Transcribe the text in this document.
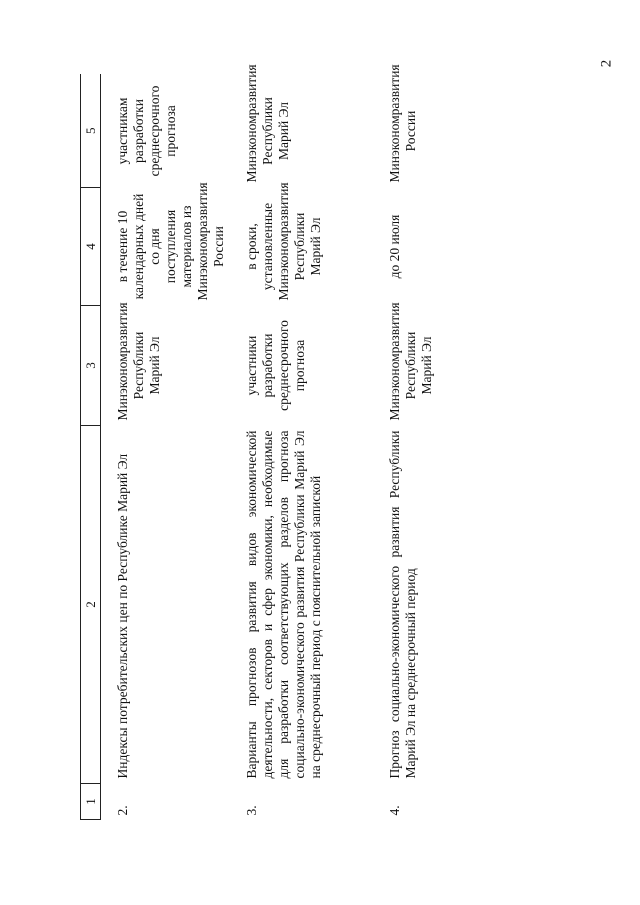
2
1	2	3	4	5
2.	Индексы потребительских цен по Республике Марий Эл	Минэкономразвития Республики Марий Эл	в течение 10 календарных дней со дня поступления материалов из Минэкономразвития России	участникам разработки среднесрочного прогноза
3.	Варианты прогнозов развития видов экономической деятельности, секторов и сфер экономики, необходимые для разработки соответствующих разделов прогноза социально-экономического развития Республики Марий Эл на среднесрочный период с пояснительной запиской	участники разработки среднесрочного прогноза	в сроки, установленные Минэкономразвития Республики Марий Эл	Минэкономразвития Республики Марий Эл
4.	Прогноз социально-экономического развития Республики Марий Эл на среднесрочный период	Минэкономразвития Республики Марий Эл	до 20 июля	Минэкономразвития России
